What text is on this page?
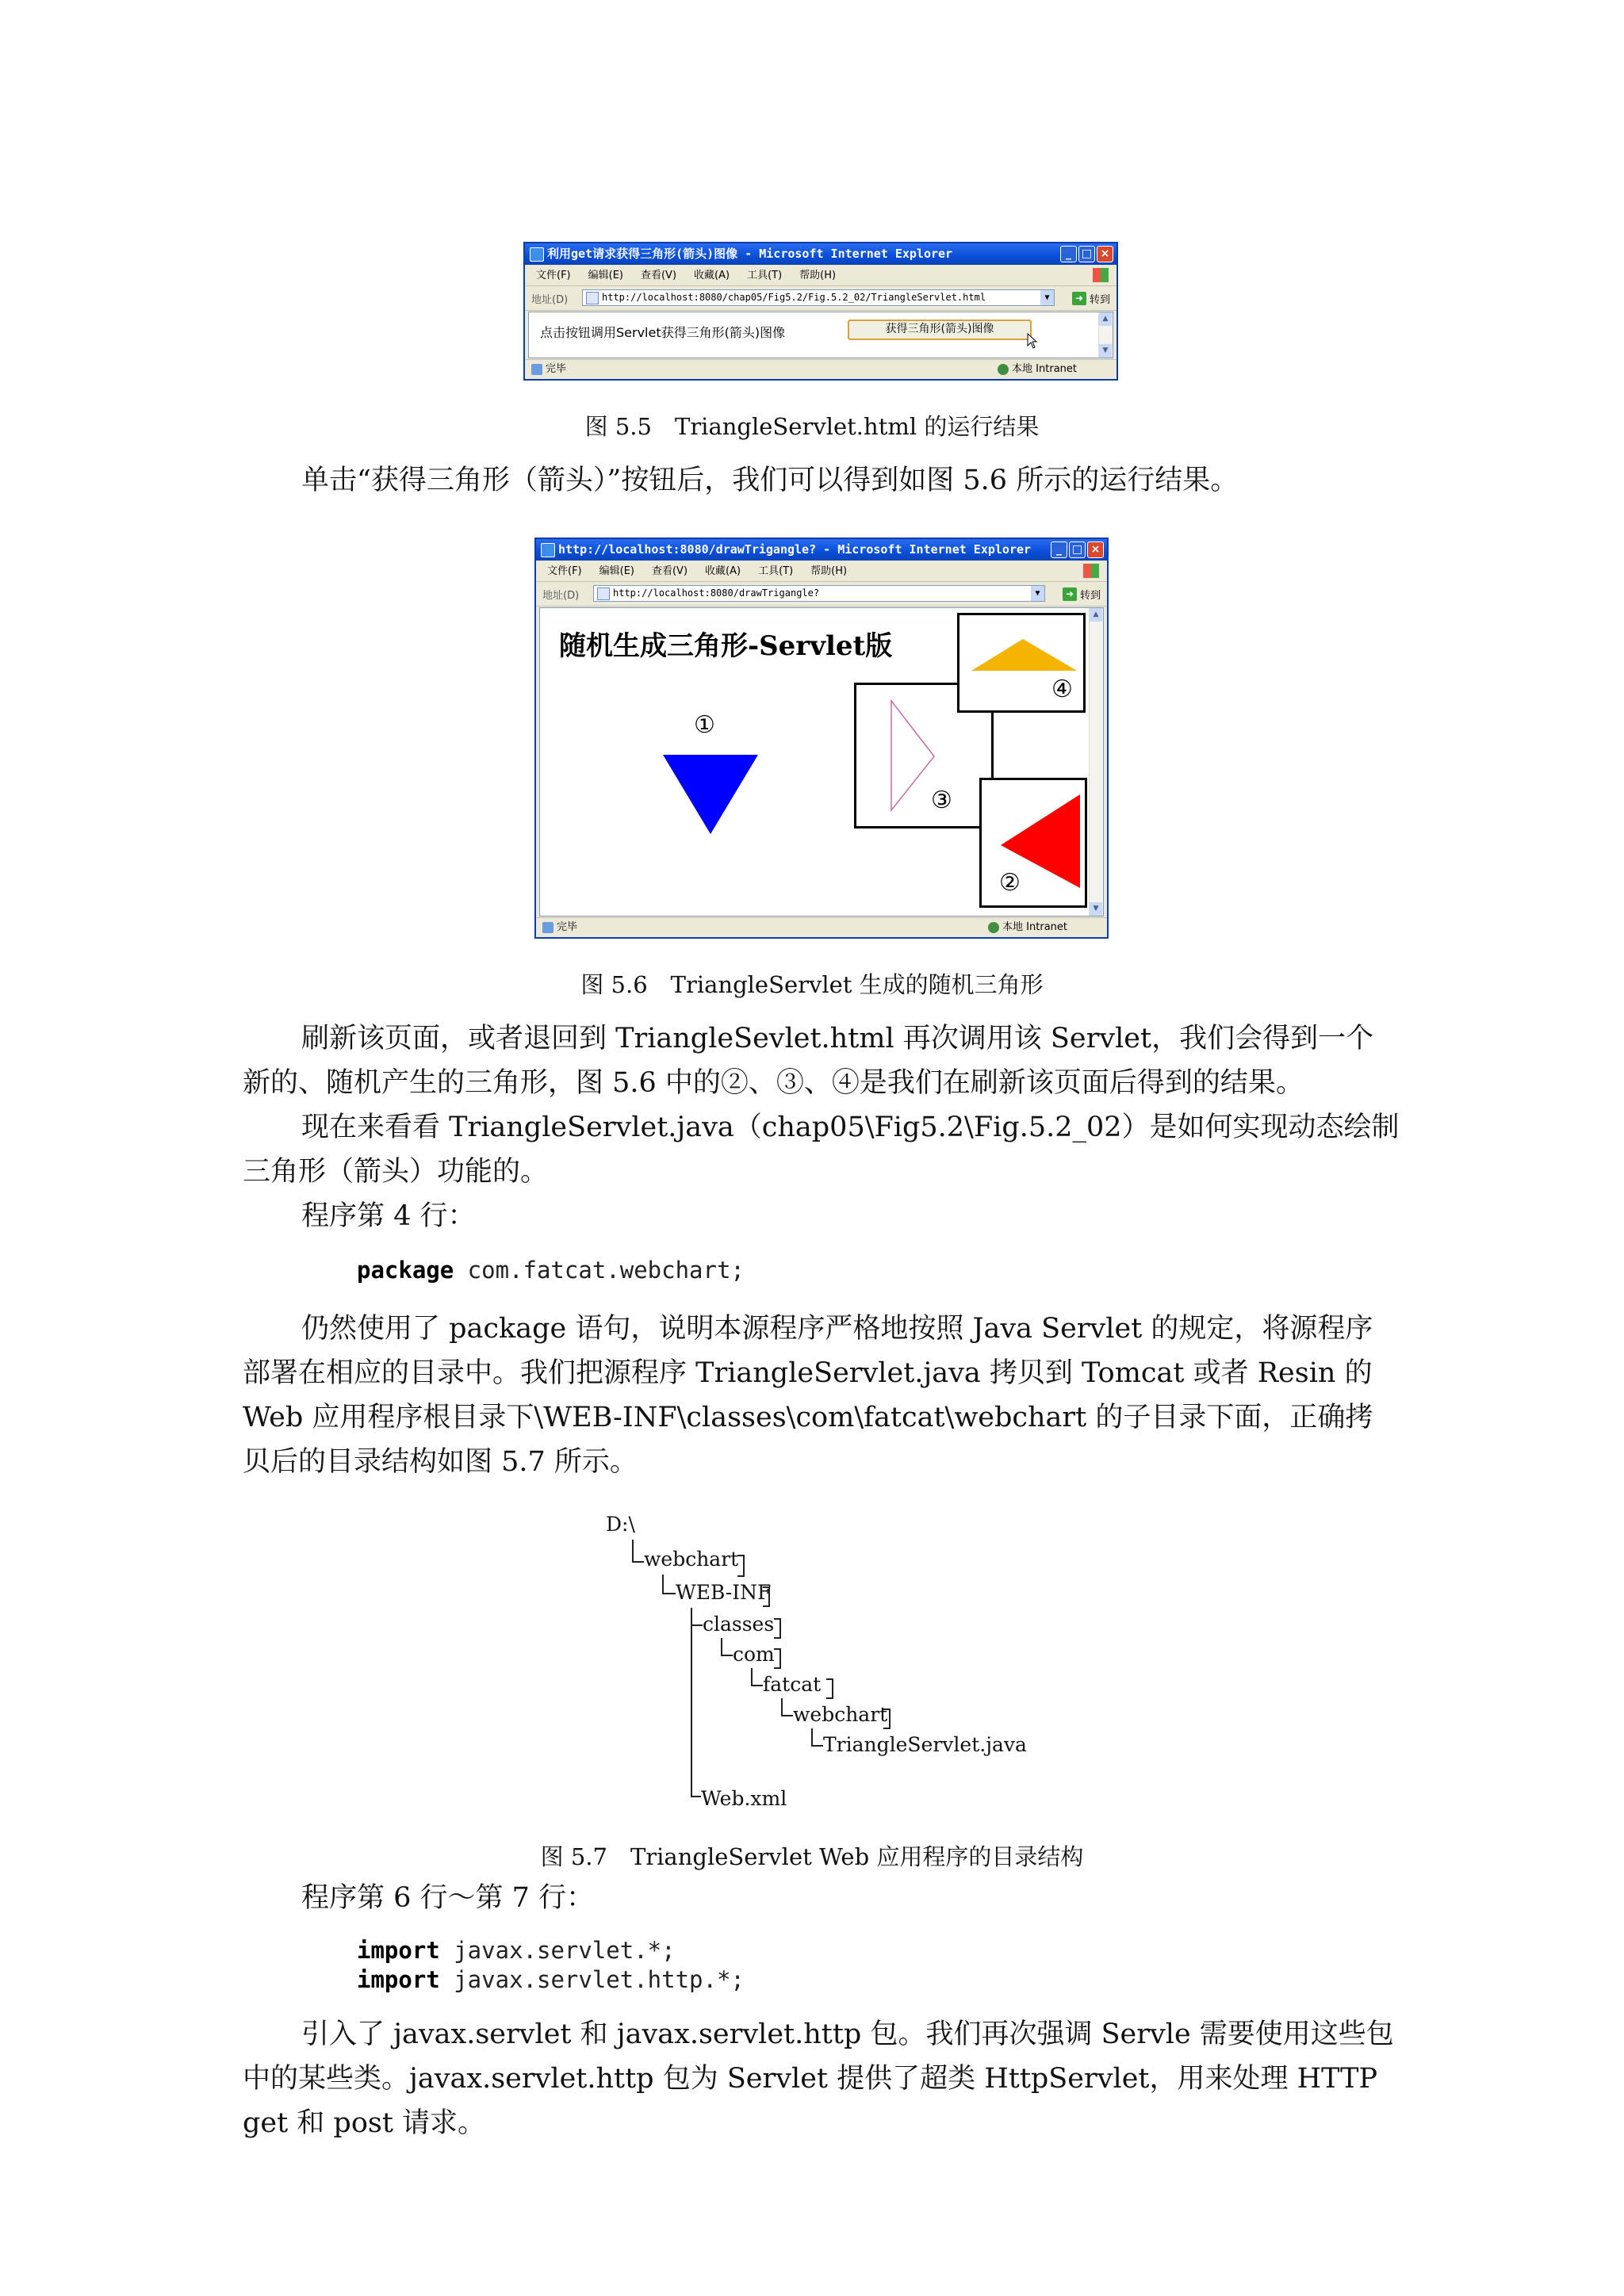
利用get请求获得三角形(箭头)图像 - Microsoft Internet Explorer	_ □ ×
文件(F) 编辑(E) 查看(V) 收藏(A) 工具(T) 帮助(H)
地址(D)	http://localhost:8080/chap05/Fig5.2/Fig.5.2_02/TriangleServlet.html	▼	➜ 转到
点击按钮调用Servlet获得三角形(箭头)图像	获得三角形(箭头)图像
▲
▼
完毕	本地 Intranet
图 5.5　TriangleServlet.html 的运行结果

单击“获得三角形（箭头）”按钮后，我们可以得到如图 5.6 所示的运行结果。

http://localhost:8080/drawTrigangle? - Microsoft Internet Explorer	_ □ ×
文件(F) 编辑(E) 查看(V) 收藏(A) 工具(T) 帮助(H)
地址(D)	http://localhost:8080/drawTrigangle?	▼	➜ 转到
随机生成三角形-Servlet版
①
③
④
②
▲
▼
完毕	本地 Intranet
图 5.6　TriangleServlet 生成的随机三角形

刷新该页面，或者退回到 TriangleSevlet.html 再次调用该 Servlet，我们会得到一个新的、随机产生的三角形，图 5.6 中的②、③、④是我们在刷新该页面后得到的结果。

现在来看看 TriangleServlet.java（chap05\Fig5.2\Fig.5.2_02）是如何实现动态绘制三角形（箭头）功能的。

程序第 4 行：

package com.fatcat.webchart;

仍然使用了 package 语句，说明本源程序严格地按照 Java Servlet 的规定，将源程序部署在相应的目录中。我们把源程序 TriangleServlet.java 拷贝到 Tomcat 或者 Resin 的 Web 应用程序根目录下\WEB-INF\classes\com\fatcat\webchart 的子目录下面，正确拷贝后的目录结构如图 5.7 所示。

D:\
webchart
WEB-INF
classes
com
fatcat
webchart
TriangleServlet.java
Web.xml
图 5.7　TriangleServlet Web 应用程序的目录结构

程序第 6 行～第 7 行：

import javax.servlet.*;
import javax.servlet.http.*;

引入了 javax.servlet 和 javax.servlet.http 包。我们再次强调 Servle 需要使用这些包中的某些类。javax.servlet.http 包为 Servlet 提供了超类 HttpServlet，用来处理 HTTP get 和 post 请求。
